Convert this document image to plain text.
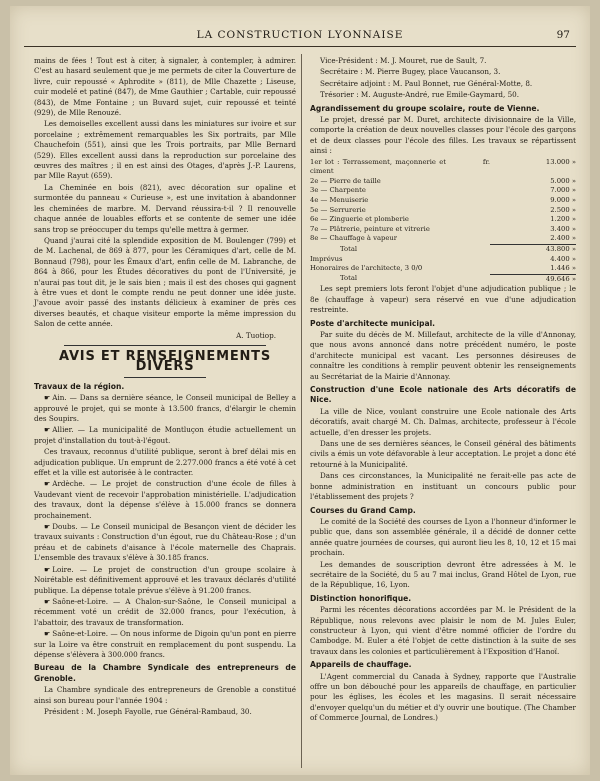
LA CONSTRUCTION LYONNAISE	97

mains de fées ! Tout est à citer, à signaler, à contempler, à admirer. C'est au hasard seulement que je me permets de citer la Couverture de livre, cuir repoussé « Aphrodite » (811), de Mlle Chazette ; Liseuse, cuir modelé et patiné (847), de Mme Gauthier ; Cartable, cuir repoussé (843), de Mme Fontaine ; un Buvard sujet, cuir repoussé et teinté (929), de Mlle Renouzé.

Les demoiselles excellent aussi dans les miniatures sur ivoire et sur porcelaine ; extrêmement remarquables les Six portraits, par Mlle Chauchefoin (551), ainsi que les Trois portraits, par Mlle Bernard (529). Elles excellent aussi dans la reproduction sur porcelaine des œuvres des maîtres ; il en est ainsi des Otages, d'après J.-P. Laurens, par Mlle Rayut (659).

La Cheminée en bois (821), avec décoration sur opaline et surmontée du panneau « Curieuse », est une invitation à abandonner les cheminées de marbre. M. Dervand réussira-t-il ? Il renouvelle chaque année de louables efforts et se contente de semer une idée sans trop se préoccuper du temps qu'elle mettra à germer.

Quand j'aurai cité la splendide exposition de M. Boulenger (799) et de M. Lachenal, de 869 à 877, pour les Céramiques d'art, celle de M. Bonnaud (798), pour les Émaux d'art, enfin celle de M. Labranche, de 864 à 866, pour les Études décoratives du pont de l'Université, je n'aurai pas tout dit, je le sais bien ; mais il est des choses qui gagnent à être vues et dont le compte rendu ne peut donner une idée juste. J'avoue avoir passé des instants délicieux à examiner de près ces diverses beautés, et chaque visiteur emporte la même impression du Salon de cette année.

A. Tuotiop.

AVIS ET RENSEIGNEMENTS DIVERS

Travaux de la région.

☛ Ain. — Dans sa dernière séance, le Conseil municipal de Belley a approuvé le projet, qui se monte à 13.500 francs, d'élargir le chemin des Soupirs.

☛ Allier. — La municipalité de Montluçon étudie actuellement un projet d'installation du tout-à-l'égout.

Ces travaux, reconnus d'utilité publique, seront à bref délai mis en adjudication publique. Un emprunt de 2.277.000 francs a été voté à cet effet et la ville est autorisée à le contracter.

☛ Ardèche. — Le projet de construction d'une école de filles à Vaudevant vient de recevoir l'approbation ministérielle. L'adjudication des travaux, dont la dépense s'élève à 15.000 francs se donnera prochainement.

☛ Doubs. — Le Conseil municipal de Besançon vient de décider les travaux suivants : Construction d'un égout, rue du Château-Rose ; d'un préau et de cabinets d'aisance à l'école maternelle des Chaprais. L'ensemble des travaux s'élève à 30.185 francs.

☛ Loire. — Le projet de construction d'un groupe scolaire à Noirétable est définitivement approuvé et les travaux déclarés d'utilité publique. La dépense totale prévue s'élève à 91.200 francs.

☛ Saône-et-Loire. — A Chalon-sur-Saône, le Conseil municipal a récemment voté un crédit de 32.000 francs, pour l'exécution, à l'abattoir, des travaux de transformation.

☛ Saône-et-Loire. — On nous informe de Digoin qu'un pont en pierre sur la Loire va être construit en remplacement du pont suspendu. La dépense s'élèvera à 300.000 francs.

Bureau de la Chambre Syndicale des entrepreneurs de Grenoble.

La Chambre syndicale des entrepreneurs de Grenoble a constitué ainsi son bureau pour l'année 1904 :

Président : M. Joseph Fayolle, rue Général-Rambaud, 30.

Vice-Président : M. J. Mouret, rue de Sault, 7.

Secrétaire : M. Pierre Bugey, place Vaucanson, 3.

Secrétaire adjoint : M. Paul Bonnet, rue Général-Motte, 8.

Trésorier : M. Auguste-André, rue Emile-Gaymard, 50.

Agrandissement du groupe scolaire, route de Vienne.

Le projet, dressé par M. Duret, architecte divisionnaire de la Ville, comporte la création de deux nouvelles classes pour l'école des garçons et de deux classes pour l'école des filles. Les travaux se répartissent ainsi :

1er lot : Terrassement, maçonnerie et ciment	fr.	13.000 »
2e — Pierre de taille		5.000 »
3e — Charpente		7.000 »
4e — Menuiserie		9.000 »
5e — Serrurerie		2.500 »
6e — Zinguerie et plomberie		1.200 »
7e — Plâtrerie, peinture et vitrerie		3.400 »
8e — Chauffage à vapeur		2.400 »
Total		43.800 »
Imprévus		4.400 »
Honoraires de l'architecte, 3 0/0		1.446 »
Total		49.646 »

Les sept premiers lots feront l'objet d'une adjudication publique ; le 8e (chauffage à vapeur) sera réservé en vue d'une adjudication restreinte.

Poste d'architecte municipal.

Par suite du décès de M. Millefaut, architecte de la ville d'Annonay, que nous avons annoncé dans notre précédent numéro, le poste d'architecte municipal est vacant. Les personnes désireuses de connaître les conditions à remplir peuvent obtenir les renseignements au Secrétariat de la Mairie d'Annonay.

Construction d'une Ecole nationale des Arts décoratifs de Nice.

La ville de Nice, voulant construire une Ecole nationale des Arts décoratifs, avait chargé M. Ch. Dalmas, architecte, professeur à l'école actuelle, d'en dresser les projets.

Dans une de ses dernières séances, le Conseil général des bâtiments civils a émis un vote défavorable à leur acceptation. Le projet a donc été retourné à la Municipalité.

Dans ces circonstances, la Municipalité ne ferait-elle pas acte de bonne administration en instituant un concours public pour l'établissement des projets ?

Courses du Grand Camp.

Le comité de la Société des courses de Lyon a l'honneur d'informer le public que, dans son assemblée générale, il a décidé de donner cette année quatre journées de courses, qui auront lieu les 8, 10, 12 et 15 mai prochain.

Les demandes de souscription devront être adressées à M. le secrétaire de la Société, du 5 au 7 mai inclus, Grand Hôtel de Lyon, rue de la République, 16, Lyon.

Distinction honorifique.

Parmi les récentes décorations accordées par M. le Président de la République, nous relevons avec plaisir le nom de M. Jules Euler, constructeur à Lyon, qui vient d'être nommé officier de l'ordre du Cambodge. M. Euler a été l'objet de cette distinction à la suite de ses travaux dans les colonies et particulièrement à l'Exposition d'Hanoï.

Appareils de chauffage.

L'Agent commercial du Canada à Sydney, rapporte que l'Australie offre un bon débouché pour les appareils de chauffage, en particulier pour les églises, les écoles et les magasins. Il serait nécessaire d'envoyer quelqu'un du métier et d'y ouvrir une boutique. (The Chamber of Commerce Journal, de Londres.)
